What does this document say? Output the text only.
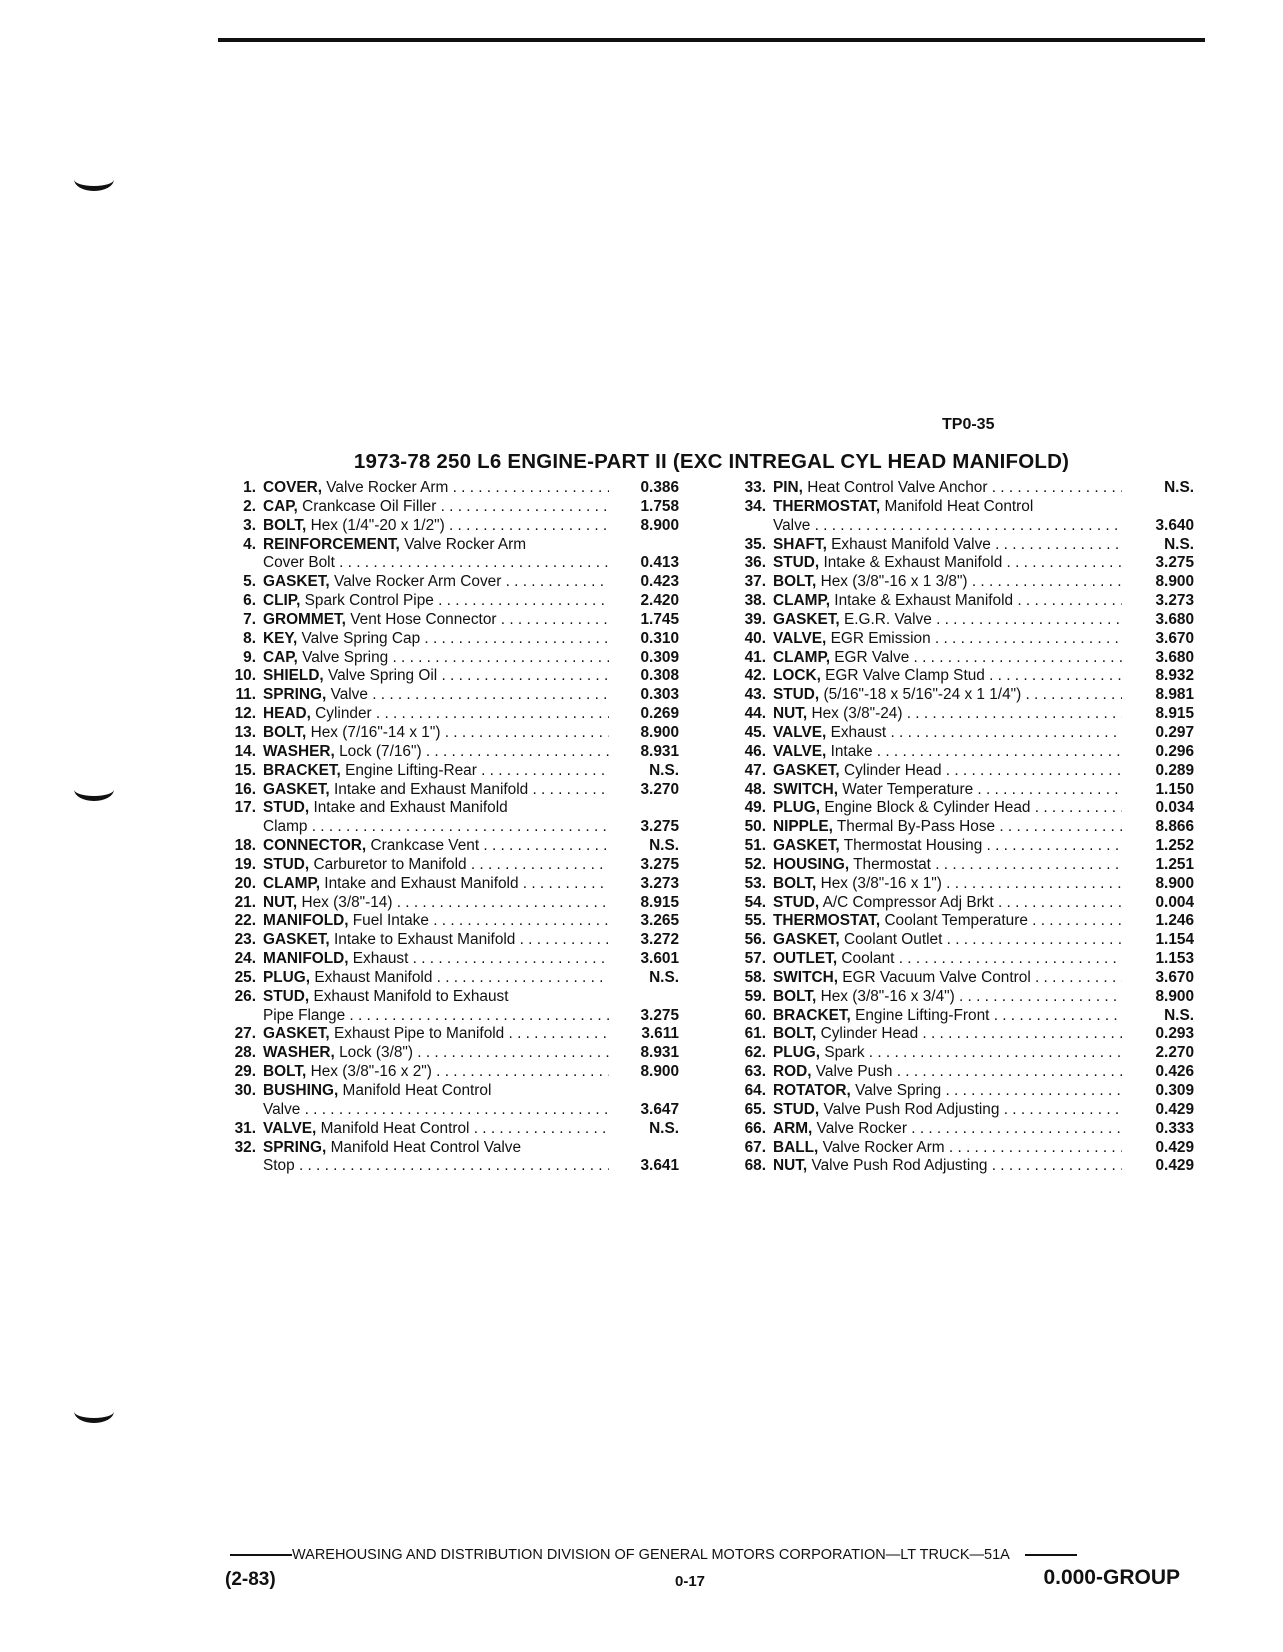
TP0-35
1973-78 250 L6 ENGINE-PART II (EXC INTREGAL CYL HEAD MANIFOLD)
1. COVER, Valve Rocker Arm . . .	0.386
2. CAP, Crankcase Oil Filler . . .	1.758
3. BOLT, Hex (1/4"-20 x 1/2") . . .	8.900
4. REINFORCEMENT, Valve Rocker Arm
Cover Bolt . . .	0.413
5. GASKET, Valve Rocker Arm Cover . . .	0.423
6. CLIP, Spark Control Pipe . . .	2.420
7. GROMMET, Vent Hose Connector . . .	1.745
8. KEY, Valve Spring Cap . . .	0.310
9. CAP, Valve Spring . . .	0.309
10. SHIELD, Valve Spring Oil . . .	0.308
11. SPRING, Valve . . .	0.303
12. HEAD, Cylinder . . .	0.269
13. BOLT, Hex (7/16"-14 x 1") . . .	8.900
14. WASHER, Lock (7/16") . . .	8.931
15. BRACKET, Engine Lifting-Rear . . .	N.S.
16. GASKET, Intake and Exhaust Manifold . . .	3.270
17. STUD, Intake and Exhaust Manifold
Clamp . . .	3.275
18. CONNECTOR, Crankcase Vent . . .	N.S.
19. STUD, Carburetor to Manifold . . .	3.275
20. CLAMP, Intake and Exhaust Manifold . . .	3.273
21. NUT, Hex (3/8"-14) . . .	8.915
22. MANIFOLD, Fuel Intake . . .	3.265
23. GASKET, Intake to Exhaust Manifold . . .	3.272
24. MANIFOLD, Exhaust . . .	3.601
25. PLUG, Exhaust Manifold . . .	N.S.
26. STUD, Exhaust Manifold to Exhaust
Pipe Flange . . .	3.275
27. GASKET, Exhaust Pipe to Manifold . . .	3.611
28. WASHER, Lock (3/8") . . .	8.931
29. BOLT, Hex (3/8"-16 x 2") . . .	8.900
30. BUSHING, Manifold Heat Control
Valve . . .	3.647
31. VALVE, Manifold Heat Control . . .	N.S.
32. SPRING, Manifold Heat Control Valve
Stop . . .	3.641
33. PIN, Heat Control Valve Anchor . . .	N.S.
34. THERMOSTAT, Manifold Heat Control
Valve . . .	3.640
35. SHAFT, Exhaust Manifold Valve . . .	N.S.
36. STUD, Intake & Exhaust Manifold . . .	3.275
37. BOLT, Hex (3/8"-16 x 1 3/8") . . .	8.900
38. CLAMP, Intake & Exhaust Manifold . . .	3.273
39. GASKET, E.G.R. Valve . . .	3.680
40. VALVE, EGR Emission . . .	3.670
41. CLAMP, EGR Valve . . .	3.680
42. LOCK, EGR Valve Clamp Stud . . .	8.932
43. STUD, (5/16"-18 x 5/16"-24 x 1 1/4") . . .	8.981
44. NUT, Hex (3/8"-24) . . .	8.915
45. VALVE, Exhaust . . .	0.297
46. VALVE, Intake . . .	0.296
47. GASKET, Cylinder Head . . .	0.289
48. SWITCH, Water Temperature . . .	1.150
49. PLUG, Engine Block & Cylinder Head . . .	0.034
50. NIPPLE, Thermal By-Pass Hose . . .	8.866
51. GASKET, Thermostat Housing . . .	1.252
52. HOUSING, Thermostat . . .	1.251
53. BOLT, Hex (3/8"-16 x 1") . . .	8.900
54. STUD, A/C Compressor Adj Brkt . . .	0.004
55. THERMOSTAT, Coolant Temperature . . .	1.246
56. GASKET, Coolant Outlet . . .	1.154
57. OUTLET, Coolant . . .	1.153
58. SWITCH, EGR Vacuum Valve Control . . .	3.670
59. BOLT, Hex (3/8"-16 x 3/4") . . .	8.900
60. BRACKET, Engine Lifting-Front . . .	N.S.
61. BOLT, Cylinder Head . . .	0.293
62. PLUG, Spark . . .	2.270
63. ROD, Valve Push . . .	0.426
64. ROTATOR, Valve Spring . . .	0.309
65. STUD, Valve Push Rod Adjusting . . .	0.429
66. ARM, Valve Rocker . . .	0.333
67. BALL, Valve Rocker Arm . . .	0.429
68. NUT, Valve Push Rod Adjusting . . .	0.429
WAREHOUSING AND DISTRIBUTION DIVISION OF GENERAL MOTORS CORPORATION—LT TRUCK—51A
(2-83)	0-17	0.000-GROUP
